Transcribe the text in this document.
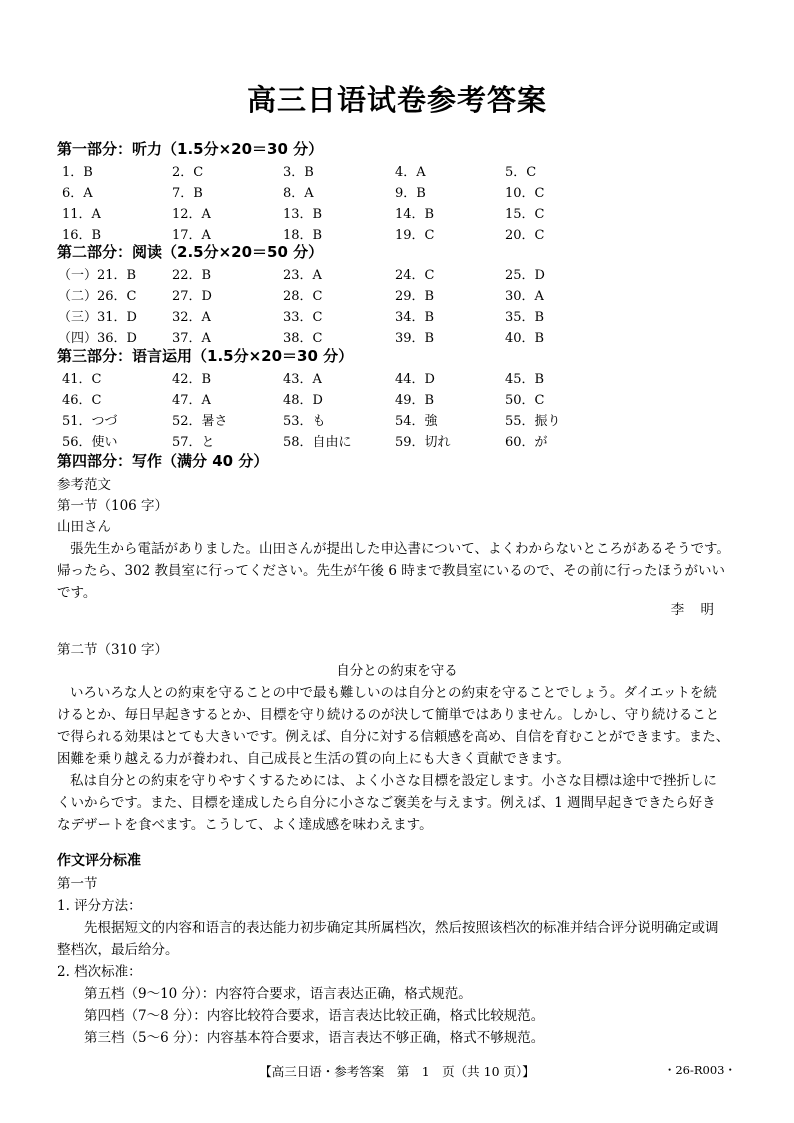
高三日语试卷参考答案
第一部分：听力（1.5分×20＝30 分）
1．B	2．C	3．B	4．A	5．C
6．A	7．B	8．A	9．B	10．C
11．A	12．A	13．B	14．B	15．C
16．B	17．A	18．B	19．C	20．C
第二部分：阅读（2.5分×20＝50 分）
（一）21．B	22．B	23．A	24．C	25．D
（二）26．C	27．D	28．C	29．B	30．A
（三）31．D	32．A	33．C	34．B	35．B
（四）36．D	37．A	38．C	39．B	40．B
第三部分：语言运用（1.5分×20＝30 分）
41．C	42．B	43．A	44．D	45．B
46．C	47．A	48．D	49．B	50．C
51．つづ	52．暑さ	53．も	54．強	55．振り
56．使い	57．と	58．自由に	59．切れ	60．が
第四部分：写作（满分 40 分）
参考范文
第一节（106 字）
山田さん
張先生から電話がありました。山田さんが提出した申込書について、よくわからないところがあるそうです。
帰ったら、302 教員室に行ってください。先生が午後 6 時まで教員室にいるので、その前に行ったほうがいい
です。
李 明
第二节（310 字）
自分との約束を守る
いろいろな人との約束を守ることの中で最も難しいのは自分との約束を守ることでしょう。ダイエットを続
けるとか、毎日早起きするとか、目標を守り続けるのが決して簡単ではありません。しかし、守り続けること
で得られる効果はとても大きいです。例えば、自分に対する信頼感を高め、自信を育むことができます。また、
困難を乗り越える力が養われ、自己成長と生活の質の向上にも大きく貢献できます。
私は自分との約束を守りやすくするためには、よく小さな目標を設定します。小さな目標は途中で挫折しに
くいからです。また、目標を達成したら自分に小さなご褒美を与えます。例えば、1 週間早起きできたら好き
なデザートを食べます。こうして、よく達成感を味わえます。
作文评分标准
第一节
1. 评分方法：
先根据短文的内容和语言的表达能力初步确定其所属档次，然后按照该档次的标准并结合评分说明确定或调
整档次，最后给分。
2. 档次标准：
第五档（9～10 分）：内容符合要求，语言表达正确，格式规范。
第四档（7～8 分）：内容比较符合要求，语言表达比较正确，格式比较规范。
第三档（5～6 分）：内容基本符合要求，语言表达不够正确，格式不够规范。
【高三日语・参考答案　第　1　页（共 10 页）】	・26-R003・
